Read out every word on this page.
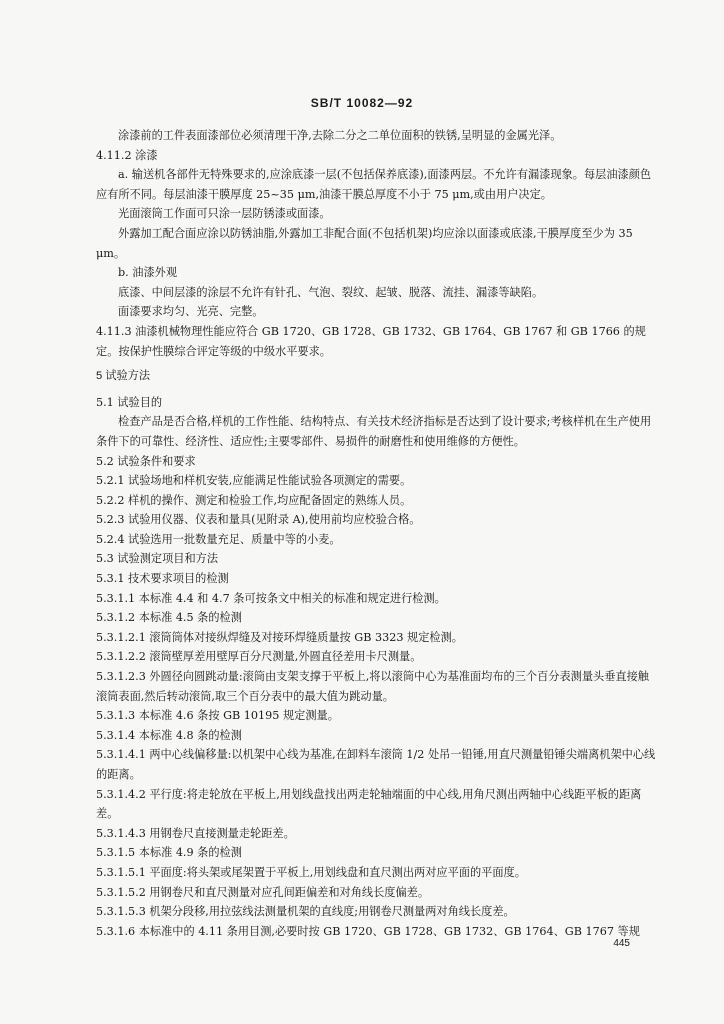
SB/T 10082—92

涂漆前的工件表面漆部位必须清理干净,去除二分之二单位面积的铁锈,呈明显的金属光泽。

4.11.2 涂漆

a. 输送机各部件无特殊要求的,应涂底漆一层(不包括保养底漆),面漆两层。不允许有漏漆现象。每层油漆颜色应有所不同。每层油漆干膜厚度 25~35 μm,油漆干膜总厚度不小于 75 μm,或由用户决定。

光面滚筒工作面可只涂一层防锈漆或面漆。

外露加工配合面应涂以防锈油脂,外露加工非配合面(不包括机架)均应涂以面漆或底漆,干膜厚度至少为 35 μm。

b. 油漆外观

底漆、中间层漆的涂层不允许有针孔、气泡、裂纹、起皱、脱落、流挂、漏漆等缺陷。

面漆要求均匀、光亮、完整。

4.11.3 油漆机械物理性能应符合 GB 1720、GB 1728、GB 1732、GB 1764、GB 1767 和 GB 1766 的规定。按保护性膜综合评定等级的中级水平要求。

5 试验方法

5.1 试验目的

检查产品是否合格,样机的工作性能、结构特点、有关技术经济指标是否达到了设计要求;考核样机在生产使用条件下的可靠性、经济性、适应性;主要零部件、易损件的耐磨性和使用维修的方便性。

5.2 试验条件和要求

5.2.1 试验场地和样机安装,应能满足性能试验各项测定的需要。

5.2.2 样机的操作、测定和检验工作,均应配备固定的熟练人员。

5.2.3 试验用仪器、仪表和量具(见附录 A),使用前均应校验合格。

5.2.4 试验选用一批数量充足、质量中等的小麦。

5.3 试验测定项目和方法

5.3.1 技术要求项目的检测

5.3.1.1 本标准 4.4 和 4.7 条可按条文中相关的标准和规定进行检测。

5.3.1.2 本标准 4.5 条的检测

5.3.1.2.1 滚筒筒体对接纵焊缝及对接环焊缝质量按 GB 3323 规定检测。

5.3.1.2.2 滚筒壁厚差用壁厚百分尺测量,外圆直径差用卡尺测量。

5.3.1.2.3 外圆径向圆跳动量:滚筒由支架支撑于平板上,将以滚筒中心为基准面均布的三个百分表测量头垂直接触滚筒表面,然后转动滚筒,取三个百分表中的最大值为跳动量。

5.3.1.3 本标准 4.6 条按 GB 10195 规定测量。

5.3.1.4 本标准 4.8 条的检测

5.3.1.4.1 两中心线偏移量:以机架中心线为基准,在卸料车滚筒 1/2 处吊一铅锤,用直尺测量铅锤尖端离机架中心线的距离。

5.3.1.4.2 平行度:将走轮放在平板上,用划线盘找出两走轮轴端面的中心线,用角尺测出两轴中心线距平板的距离差。

5.3.1.4.3 用钢卷尺直接测量走轮距差。

5.3.1.5 本标准 4.9 条的检测

5.3.1.5.1 平面度:将头架或尾架置于平板上,用划线盘和直尺测出两对应平面的平面度。

5.3.1.5.2 用钢卷尺和直尺测量对应孔间距偏差和对角线长度偏差。

5.3.1.5.3 机架分段移,用拉弦线法测量机架的直线度;用钢卷尺测量两对角线长度差。

5.3.1.6 本标准中的 4.11 条用目测,必要时按 GB 1720、GB 1728、GB 1732、GB 1764、GB 1767 等规

445
